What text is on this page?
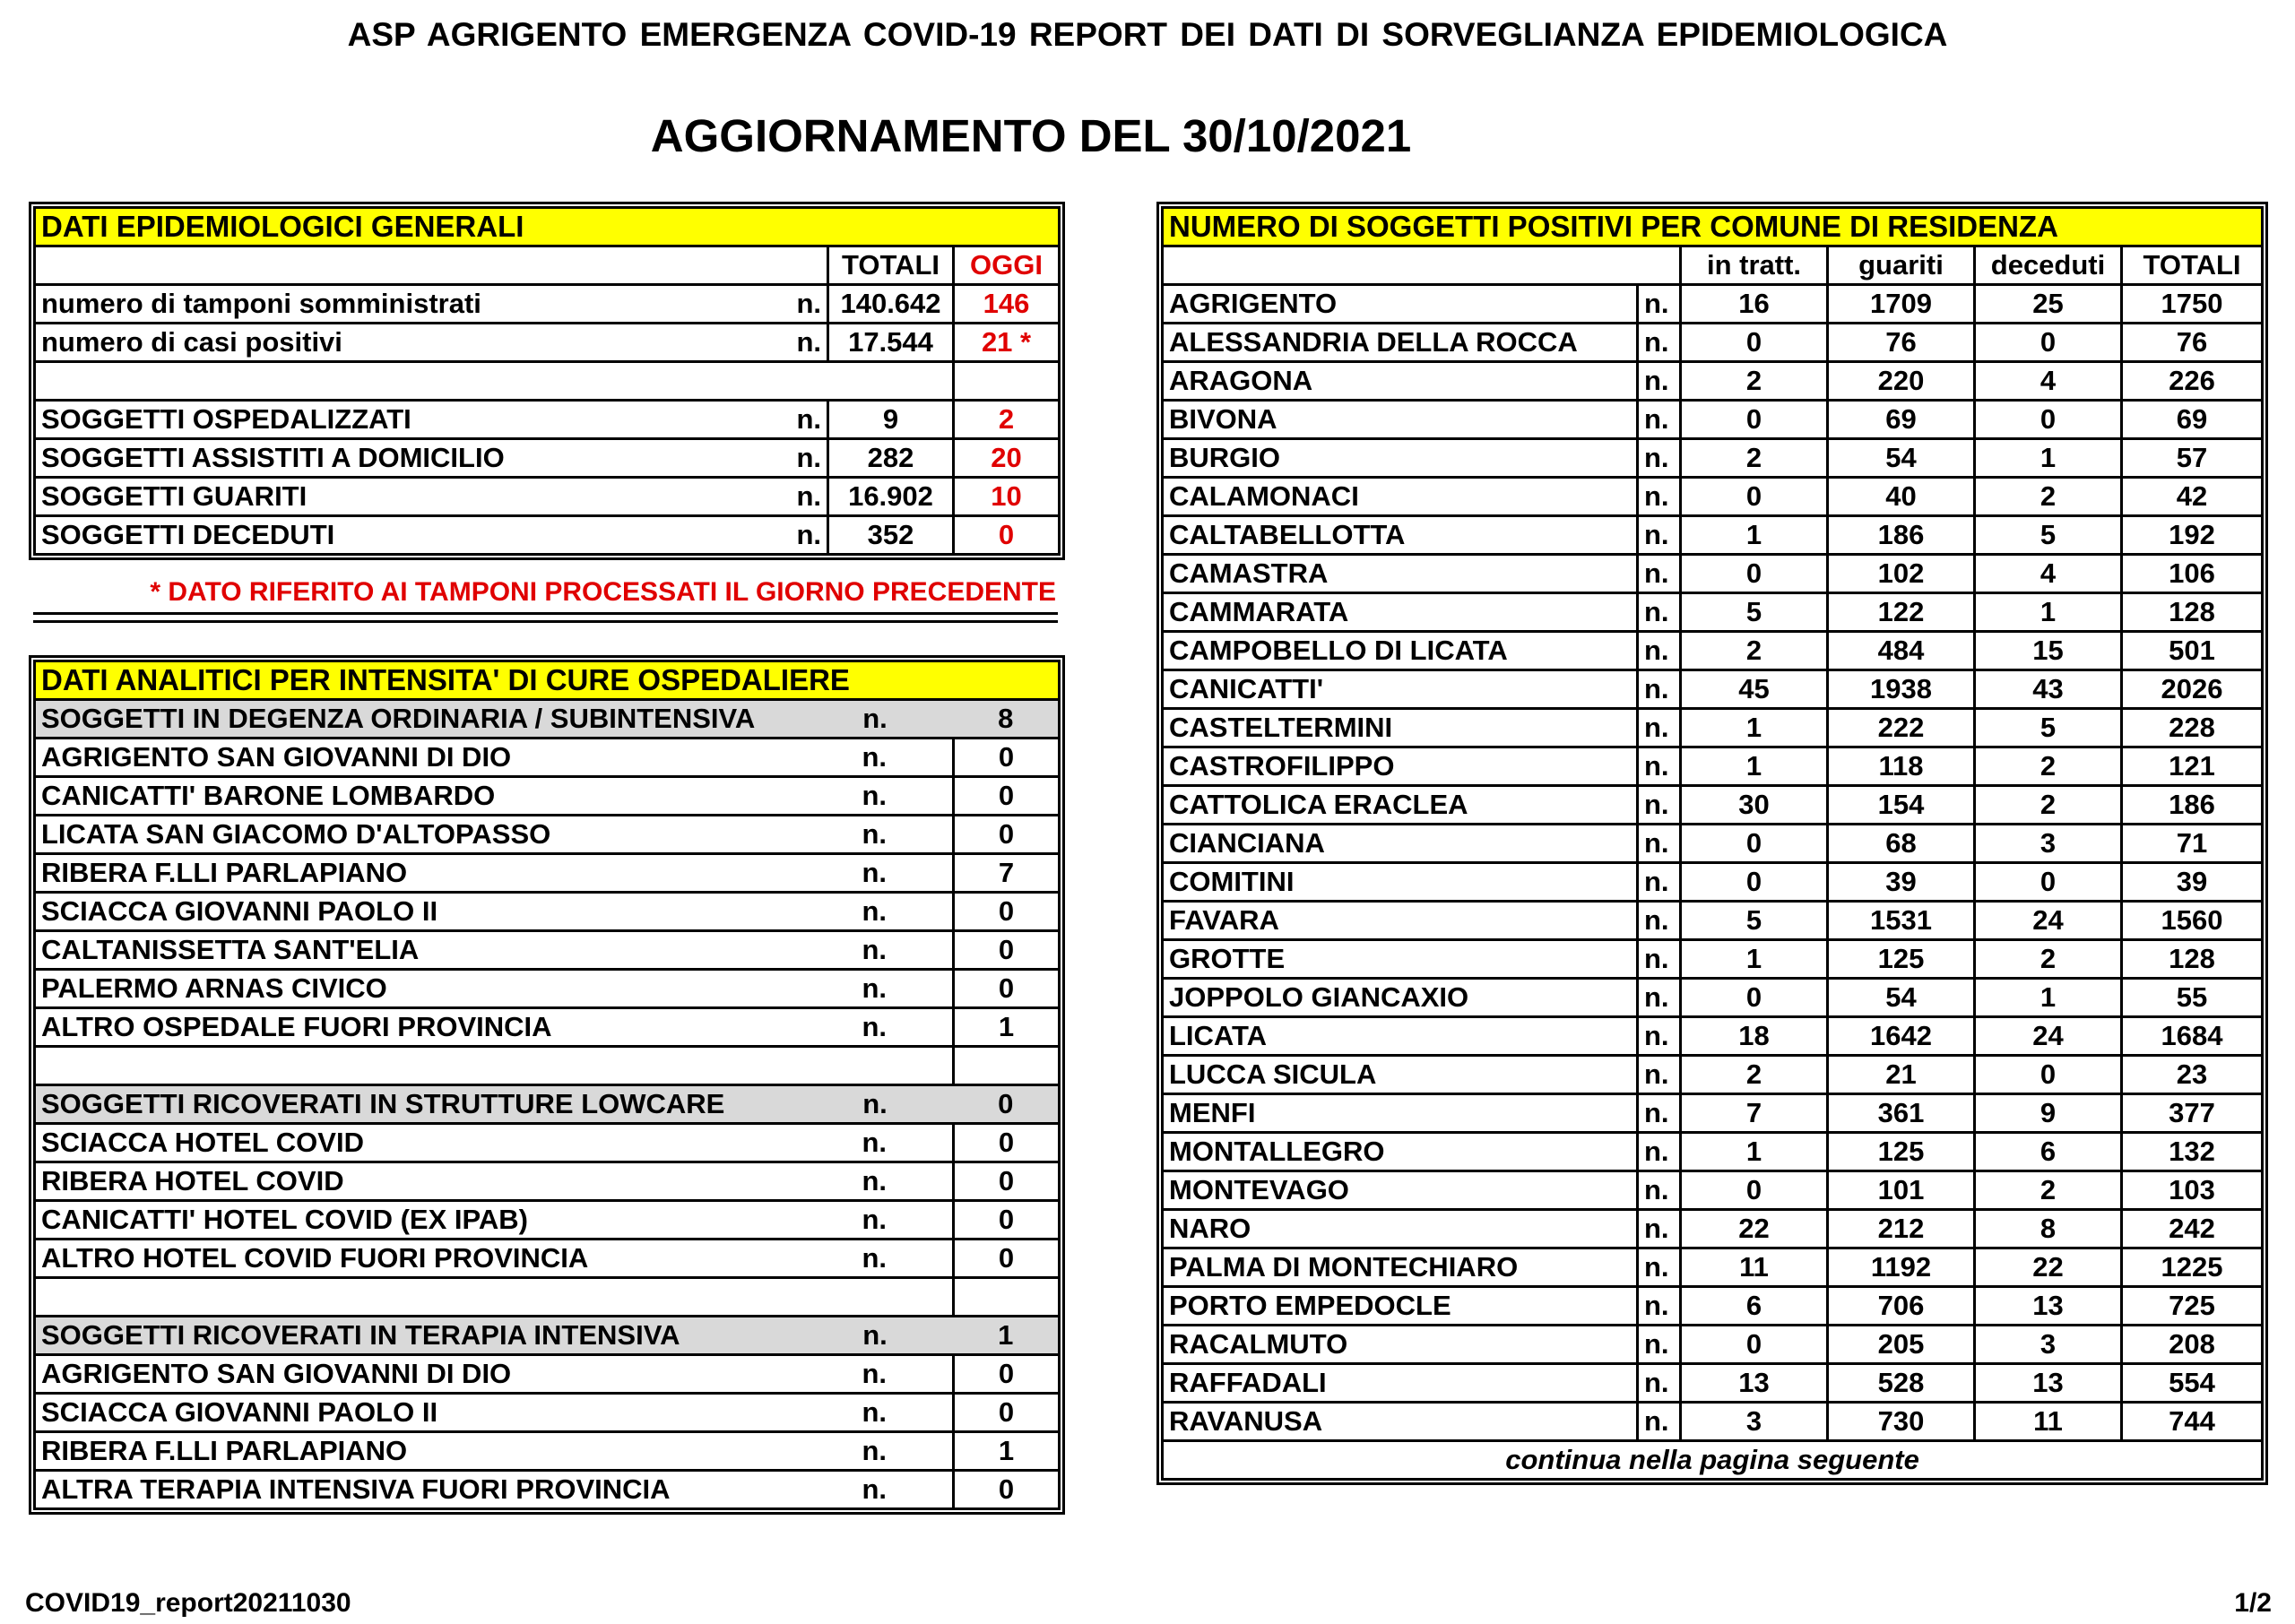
ASP AGRIGENTO EMERGENZA COVID-19 REPORT DEI DATI DI SORVEGLIANZA EPIDEMIOLOGICA
AGGIORNAMENTO DEL 30/10/2021
DATI EPIDEMIOLOGICI GENERALI			
		TOTALI	OGGI
numero di tamponi somministrati	n.	140.642	146
numero di casi positivi	n.	17.544	21 *

SOGGETTI OSPEDALIZZATI	n.	9	2
SOGGETTI ASSISTITI A DOMICILIO	n.	282	20
SOGGETTI GUARITI	n.	16.902	10
SOGGETTI DECEDUTI	n.	352	0
* DATO RIFERITO AI TAMPONI PROCESSATI IL GIORNO PRECEDENTE
DATI ANALITICI PER INTENSITA' DI CURE OSPEDALIERE		
SOGGETTI IN DEGENZA ORDINARIA / SUBINTENSIVA	n.	8
AGRIGENTO SAN GIOVANNI DI DIO	n.	0
CANICATTI' BARONE LOMBARDO	n.	0
LICATA SAN GIACOMO D'ALTOPASSO	n.	0
RIBERA F.LLI PARLAPIANO	n.	7
SCIACCA GIOVANNI PAOLO II	n.	0
CALTANISSETTA SANT'ELIA	n.	0
PALERMO ARNAS CIVICO	n.	0
ALTRO OSPEDALE FUORI PROVINCIA	n.	1

SOGGETTI RICOVERATI IN STRUTTURE LOWCARE	n.	0
SCIACCA HOTEL COVID	n.	0
RIBERA HOTEL COVID	n.	0
CANICATTI' HOTEL COVID (EX IPAB)	n.	0
ALTRO HOTEL COVID FUORI PROVINCIA	n.	0

SOGGETTI RICOVERATI IN TERAPIA INTENSIVA	n.	1
AGRIGENTO SAN GIOVANNI DI DIO	n.	0
SCIACCA GIOVANNI PAOLO II	n.	0
RIBERA F.LLI PARLAPIANO	n.	1
ALTRA TERAPIA INTENSIVA FUORI PROVINCIA	n.	0
NUMERO DI SOGGETTI POSITIVI PER COMUNE DI RESIDENZA					
		in tratt.	guariti	deceduti	TOTALI
AGRIGENTO	n.	16	1709	25	1750
ALESSANDRIA DELLA ROCCA	n.	0	76	0	76
ARAGONA	n.	2	220	4	226
BIVONA	n.	0	69	0	69
BURGIO	n.	2	54	1	57
CALAMONACI	n.	0	40	2	42
CALTABELLOTTA	n.	1	186	5	192
CAMASTRA	n.	0	102	4	106
CAMMARATA	n.	5	122	1	128
CAMPOBELLO DI LICATA	n.	2	484	15	501
CANICATTI'	n.	45	1938	43	2026
CASTELTERMINI	n.	1	222	5	228
CASTROFILIPPO	n.	1	118	2	121
CATTOLICA ERACLEA	n.	30	154	2	186
CIANCIANA	n.	0	68	3	71
COMITINI	n.	0	39	0	39
FAVARA	n.	5	1531	24	1560
GROTTE	n.	1	125	2	128
JOPPOLO GIANCAXIO	n.	0	54	1	55
LICATA	n.	18	1642	24	1684
LUCCA SICULA	n.	2	21	0	23
MENFI	n.	7	361	9	377
MONTALLEGRO	n.	1	125	6	132
MONTEVAGO	n.	0	101	2	103
NARO	n.	22	212	8	242
PALMA DI MONTECHIARO	n.	11	1192	22	1225
PORTO EMPEDOCLE	n.	6	706	13	725
RACALMUTO	n.	0	205	3	208
RAFFADALI	n.	13	528	13	554
RAVANUSA	n.	3	730	11	744
continua nella pagina seguente					
COVID19_report20211030	1/2
